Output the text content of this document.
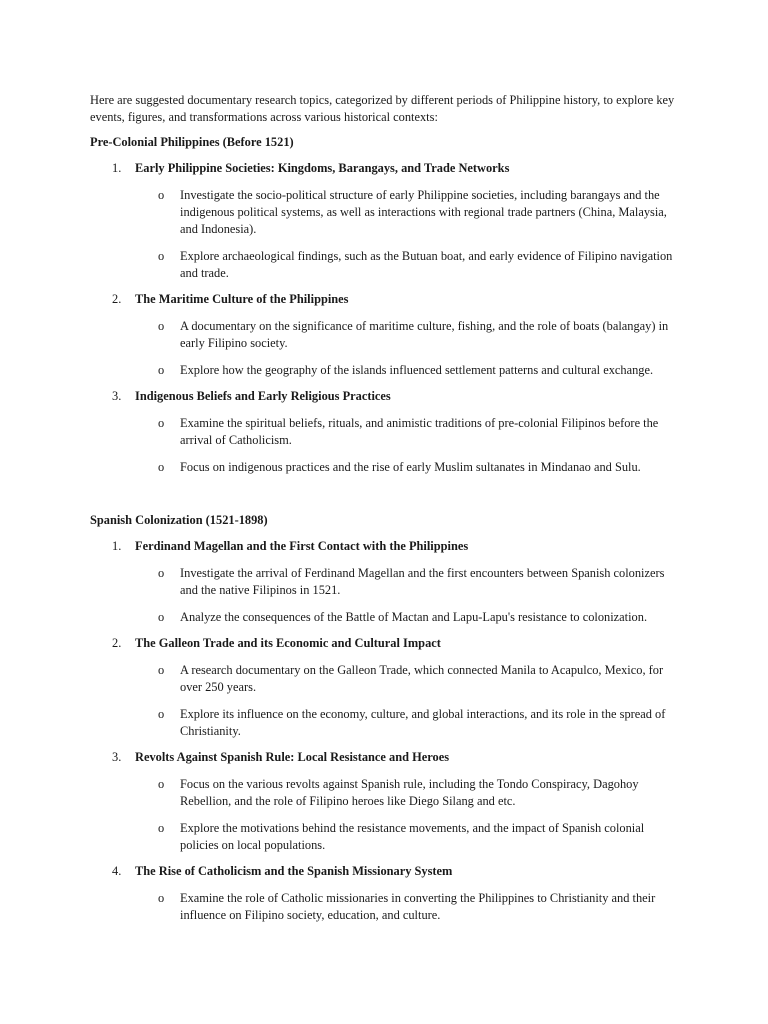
Here are suggested documentary research topics, categorized by different periods of Philippine history, to explore key events, figures, and transformations across various historical contexts:

Pre-Colonial Philippines (Before 1521)

1. Early Philippine Societies: Kingdoms, Barangays, and Trade Networks
o Investigate the socio-political structure of early Philippine societies, including barangays and the indigenous political systems, as well as interactions with regional trade partners (China, Malaysia, and Indonesia).
o Explore archaeological findings, such as the Butuan boat, and early evidence of Filipino navigation and trade.
2. The Maritime Culture of the Philippines
o A documentary on the significance of maritime culture, fishing, and the role of boats (balangay) in early Filipino society.
o Explore how the geography of the islands influenced settlement patterns and cultural exchange.
3. Indigenous Beliefs and Early Religious Practices
o Examine the spiritual beliefs, rituals, and animistic traditions of pre-colonial Filipinos before the arrival of Catholicism.
o Focus on indigenous practices and the rise of early Muslim sultanates in Mindanao and Sulu.

Spanish Colonization (1521-1898)

1. Ferdinand Magellan and the First Contact with the Philippines
o Investigate the arrival of Ferdinand Magellan and the first encounters between Spanish colonizers and the native Filipinos in 1521.
o Analyze the consequences of the Battle of Mactan and Lapu-Lapu's resistance to colonization.
2. The Galleon Trade and its Economic and Cultural Impact
o A research documentary on the Galleon Trade, which connected Manila to Acapulco, Mexico, for over 250 years.
o Explore its influence on the economy, culture, and global interactions, and its role in the spread of Christianity.
3. Revolts Against Spanish Rule: Local Resistance and Heroes
o Focus on the various revolts against Spanish rule, including the Tondo Conspiracy, Dagohoy Rebellion, and the role of Filipino heroes like Diego Silang and etc.
o Explore the motivations behind the resistance movements, and the impact of Spanish colonial policies on local populations.
4. The Rise of Catholicism and the Spanish Missionary System
o Examine the role of Catholic missionaries in converting the Philippines to Christianity and their influence on Filipino society, education, and culture.
